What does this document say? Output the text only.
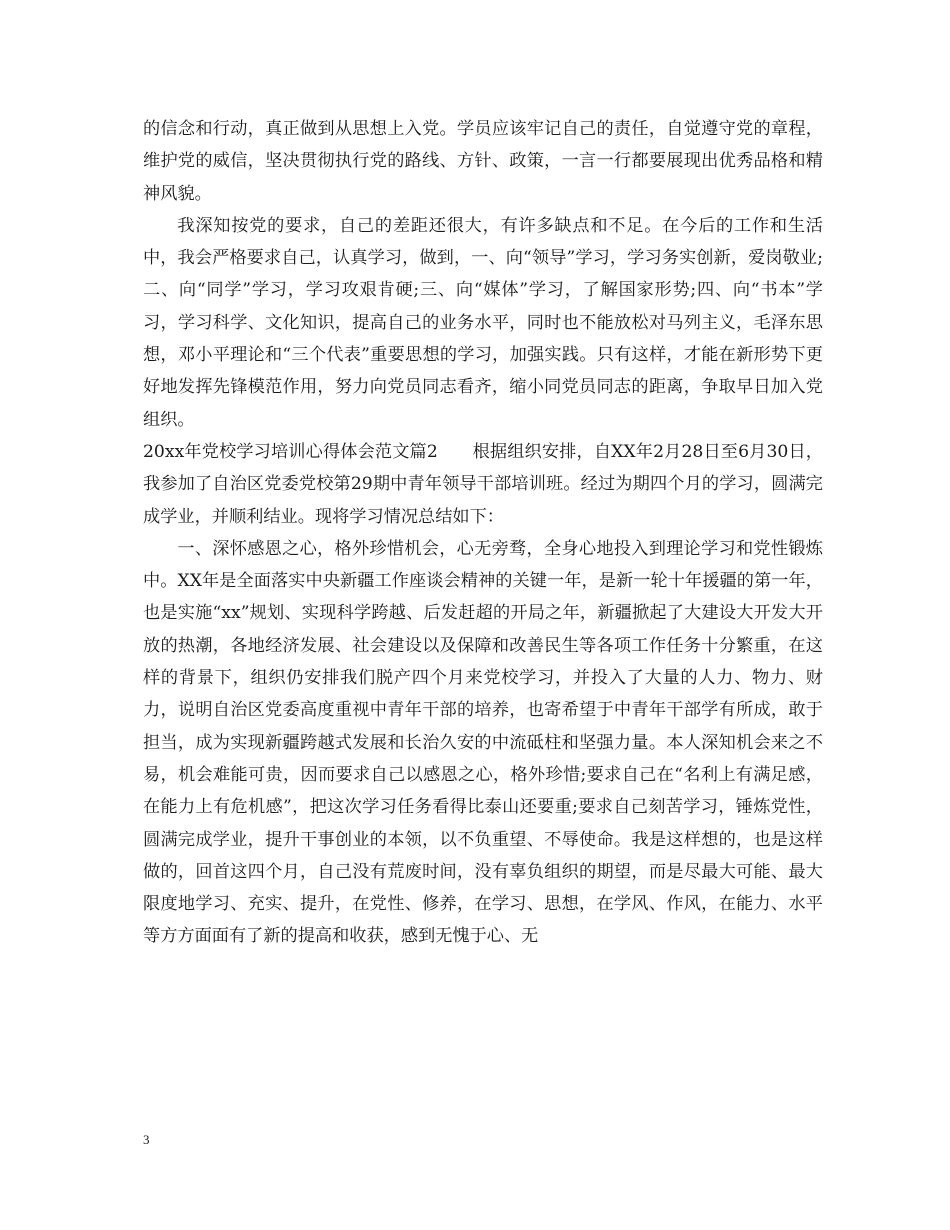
的信念和行动，真正做到从思想上入党。学员应该牢记自己的责任，自觉遵守党的章程，维护党的威信，坚决贯彻执行党的路线、方针、政策，一言一行都要展现出优秀品格和精神风貌。

我深知按党的要求，自己的差距还很大，有许多缺点和不足。在今后的工作和生活中，我会严格要求自己，认真学习，做到，一、向“领导”学习，学习务实创新，爱岗敬业;二、向“同学”学习，学习攻艰肯硬;三、向“媒体”学习，了解国家形势;四、向“书本”学习，学习科学、文化知识，提高自己的业务水平，同时也不能放松对马列主义，毛泽东思想，邓小平理论和“三个代表”重要思想的学习，加强实践。只有这样，才能在新形势下更好地发挥先锋模范作用，努力向党员同志看齐，缩小同党员同志的距离，争取早日加入党组织。

20xx年党校学习培训心得体会范文篇2　　根据组织安排，自XX年2月28日至6月30日，我参加了自治区党委党校第29期中青年领导干部培训班。经过为期四个月的学习，圆满完成学业，并顺利结业。现将学习情况总结如下：

一、深怀感恩之心，格外珍惜机会，心无旁骛，全身心地投入到理论学习和党性锻炼中。XX年是全面落实中央新疆工作座谈会精神的关键一年，是新一轮十年援疆的第一年，也是实施“xx”规划、实现科学跨越、后发赶超的开局之年，新疆掀起了大建设大开发大开放的热潮，各地经济发展、社会建设以及保障和改善民生等各项工作任务十分繁重，在这样的背景下，组织仍安排我们脱产四个月来党校学习，并投入了大量的人力、物力、财力，说明自治区党委高度重视中青年干部的培养，也寄希望于中青年干部学有所成，敢于担当，成为实现新疆跨越式发展和长治久安的中流砥柱和坚强力量。本人深知机会来之不易，机会难能可贵，因而要求自己以感恩之心，格外珍惜;要求自己在“名利上有满足感，在能力上有危机感”，把这次学习任务看得比泰山还要重;要求自己刻苦学习，锤炼党性，圆满完成学业，提升干事创业的本领，以不负重望、不辱使命。我是这样想的，也是这样做的，回首这四个月，自己没有荒废时间，没有辜负组织的期望，而是尽最大可能、最大限度地学习、充实、提升，在党性、修养，在学习、思想，在学风、作风，在能力、水平等方方面面有了新的提高和收获，感到无愧于心、无

3
